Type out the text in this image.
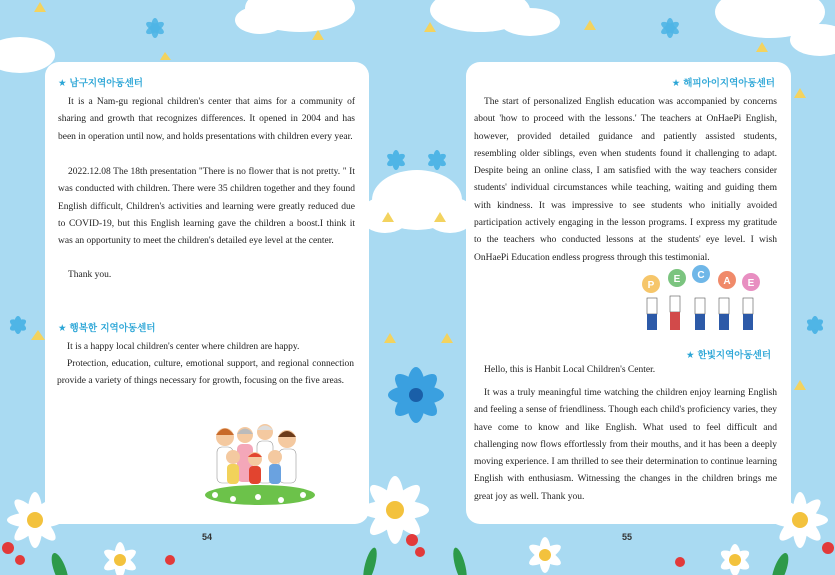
★ 남구지역아동센터

It is a Nam-gu regional children's center that aims for a community of sharing and growth that recognizes differences. It opened in 2004 and has been in operation until now, and holds presentations with children every year.

2022.12.08 The 18th presentation "There is no flower that is not pretty. " It was conducted with children. There were 35 children together and they found English difficult, Children's activities and learning were greatly reduced due to COVID-19, but this English learning gave the children a boost.I think it was an opportunity to meet the children's detailed eye level at the center.

Thank you.

★ 행복한 지역아동센터

It is a happy local children's center where children are happy.

Protection, education, culture, emotional support, and regional connection provide a variety of things necessary for growth, focusing on the five areas.

54
★ 해피아이지역아동센터

The start of personalized English education was accompanied by concerns about 'how to proceed with the lessons.' The teachers at OnHaePi English, however, provided detailed guidance and patiently assisted students, resembling older siblings, even when students found it challenging to adapt. Despite being an online class, I am satisfied with the way teachers consider students' individual circumstances while teaching, waiting and guiding them with kindness. It was impressive to see students who initially avoided participation actively engaging in the lesson programs. I express my gratitude to the teachers who conducted lessons at the students' eye level. I wish OnHaePi Education endless progress through this testimonial.

P
E C
A E
★ 한빛지역아동센터

Hello, this is Hanbit Local Children's Center.

It was a truly meaningful time watching the children enjoy learning English and feeling a sense of friendliness. Though each child's proficiency varies, they have come to know and like English. What used to feel difficult and challenging now flows effortlessly from their mouths, and it has been a deeply moving experience. I am thrilled to see their determination to continue learning English with enthusiasm. Witnessing the changes in the children brings me great joy as well. Thank you.

55
